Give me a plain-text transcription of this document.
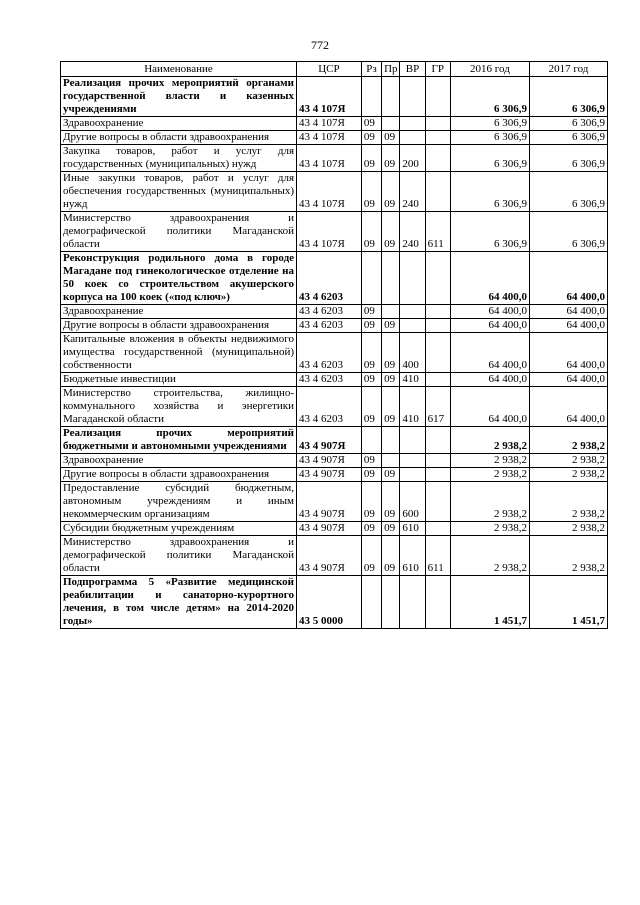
772
Наименование	ЦСР	Рз	Пр	ВР	ГР	2016 год	2017 год
Реализация прочих мероприятий органами государственной власти и казенных учреждениями	43 4 107Я					6 306,9	6 306,9
Здравоохранение	43 4 107Я	09				6 306,9	6 306,9
Другие вопросы в области здравоохранения	43 4 107Я	09	09			6 306,9	6 306,9
Закупка товаров, работ и услуг для государственных (муниципальных) нужд	43 4 107Я	09	09	200		6 306,9	6 306,9
Иные закупки товаров, работ и услуг для обеспечения государственных (муниципальных) нужд	43 4 107Я	09	09	240		6 306,9	6 306,9
Министерство здравоохранения и демографической политики Магаданской области	43 4 107Я	09	09	240	611	6 306,9	6 306,9
Реконструкция родильного дома в городе Магадане под гинекологическое отделение на 50 коек со строительством акушерского корпуса на 100 коек («под ключ»)	43 4 6203					64 400,0	64 400,0
Здравоохранение	43 4 6203	09				64 400,0	64 400,0
Другие вопросы в области здравоохранения	43 4 6203	09	09			64 400,0	64 400,0
Капитальные вложения в объекты недвижимого имущества государственной (муниципальной) собственности	43 4 6203	09	09	400		64 400,0	64 400,0
Бюджетные инвестиции	43 4 6203	09	09	410		64 400,0	64 400,0
Министерство строительства, жилищно-коммунального хозяйства и энергетики Магаданской области	43 4 6203	09	09	410	617	64 400,0	64 400,0
Реализация прочих мероприятий бюджетными и автономными учреждениями	43 4 907Я					2 938,2	2 938,2
Здравоохранение	43 4 907Я	09				2 938,2	2 938,2
Другие вопросы в области здравоохранения	43 4 907Я	09	09			2 938,2	2 938,2
Предоставление субсидий бюджетным, автономным учреждениям и иным некоммерческим организациям	43 4 907Я	09	09	600		2 938,2	2 938,2
Субсидии бюджетным учреждениям	43 4 907Я	09	09	610		2 938,2	2 938,2
Министерство здравоохранения и демографической политики Магаданской области	43 4 907Я	09	09	610	611	2 938,2	2 938,2
Подпрограмма 5 «Развитие медицинской реабилитации и санаторно-курортного лечения, в том числе детям» на 2014-2020 годы»	43 5 0000					1 451,7	1 451,7
